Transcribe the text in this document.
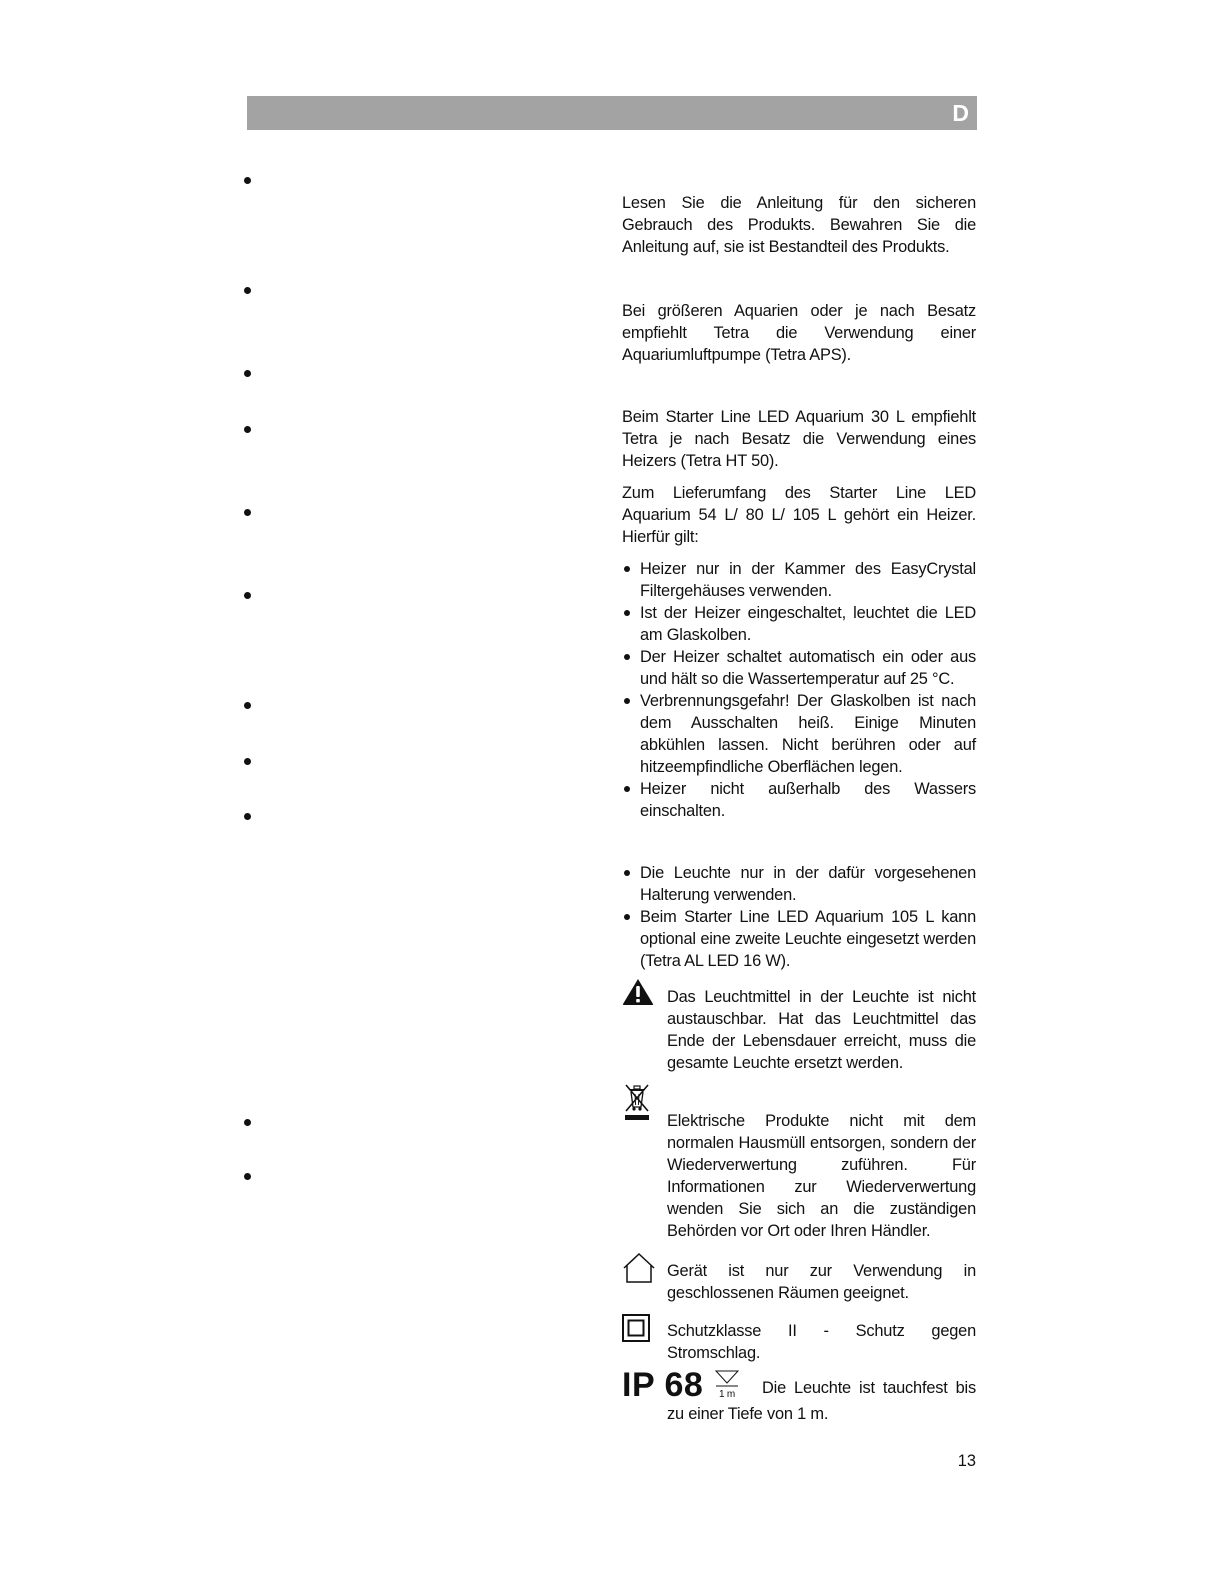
D

Lesen Sie die Anleitung für den sicheren Gebrauch des Produkts. Bewahren Sie die Anleitung auf, sie ist Bestandteil des Produkts.

Bei größeren Aquarien oder je nach Besatz empfiehlt Tetra die Verwendung einer Aquariumluftpumpe (Tetra APS).

Beim Starter Line LED Aquarium 30 L empfiehlt Tetra je nach Besatz die Verwendung eines Heizers (Tetra HT 50).

Zum Lieferumfang des Starter Line LED Aquarium 54 L/ 80 L/ 105 L gehört ein Heizer. Hierfür gilt:

Heizer nur in der Kammer des EasyCrystal Filtergehäuses verwenden.

Ist der Heizer eingeschaltet, leuchtet die LED am Glaskolben.

Der Heizer schaltet automatisch ein oder aus und hält so die Wassertemperatur auf 25 °C.

Verbrennungsgefahr! Der Glaskolben ist nach dem Ausschalten heiß. Einige Minuten abkühlen lassen. Nicht berühren oder auf hitzeempfindliche Oberflächen legen.

Heizer nicht außerhalb des Wassers einschalten.

Die Leuchte nur in der dafür vorgesehenen Halterung verwenden.

Beim Starter Line LED Aquarium 105 L kann optional eine zweite Leuchte eingesetzt werden (Tetra AL LED 16 W).

Das Leuchtmittel in der Leuchte ist nicht austauschbar. Hat das Leuchtmittel das Ende der Lebensdauer erreicht, muss die gesamte Leuchte ersetzt werden.

Elektrische Produkte nicht mit dem normalen Hausmüll entsorgen, sondern der Wiederverwertung zuführen. Für Informationen zur Wiederverwertung wenden Sie sich an die zuständigen Behörden vor Ort oder Ihren Händler.

Gerät ist nur zur Verwendung in geschlossenen Räumen geeignet.

Schutzklasse II - Schutz gegen Stromschlag.

IP 68 1 m Die Leuchte ist tauchfest bis

zu einer Tiefe von 1 m.

13
